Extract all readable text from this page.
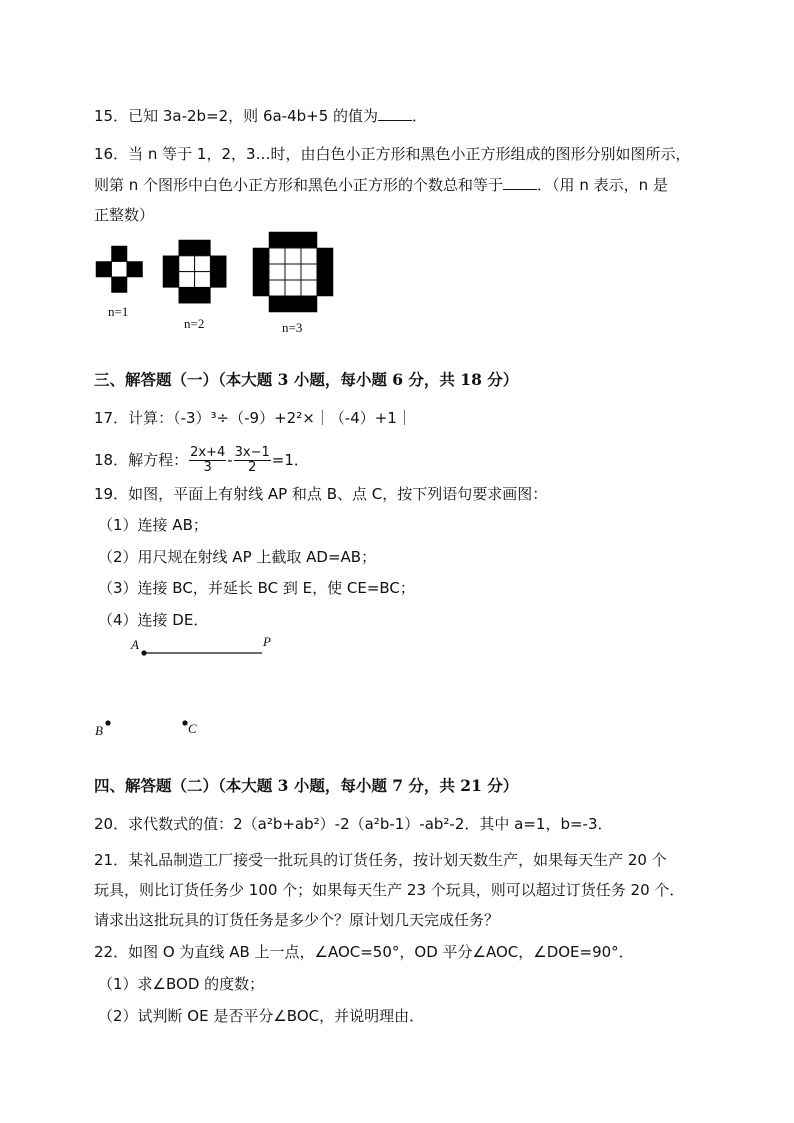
15．已知 3a-2b=2，则 6a-4b+5 的值为 ．
16．当 n 等于 1，2，3…时，由白色小正方形和黑色小正方形组成的图形分别如图所示，
则第 n 个图形中白色小正方形和黑色小正方形的个数总和等于 ．（用 n 表示，n 是
正整数）
n=1
n=2	n=3
三、解答题（一）（本大题 3 小题，每小题 6 分，共 18 分）
17．计算：（-3）³÷（-9）+2²×｜（-4）+1｜
18．解方程： $\frac{2x+4}{3} - \frac{3x-1}{2} =1$．
19．如图，平面上有射线 AP 和点 B、点 C，按下列语句要求画图：
（1）连接 AB；
（2）用尺规在射线 AP 上截取 AD=AB；
（3）连接 BC，并延长 BC 到 E，使 CE=BC；
（4）连接 DE．
A	P
B	C
四、解答题（二）（本大题 3 小题，每小题 7 分，共 21 分）
20．求代数式的值：2（a²b+ab²）-2（a²b-1）-ab²-2．其中 a=1，b=-3．
21．某礼品制造工厂接受一批玩具的订货任务，按计划天数生产，如果每天生产 20 个
玩具，则比订货任务少 100 个；如果每天生产 23 个玩具，则可以超过订货任务 20 个．
请求出这批玩具的订货任务是多少个？原计划几天完成任务？
22．如图 O 为直线 AB 上一点，∠AOC=50°，OD 平分∠AOC，∠DOE=90°．
（1）求∠BOD 的度数；
（2）试判断 OE 是否平分∠BOC，并说明理由．
